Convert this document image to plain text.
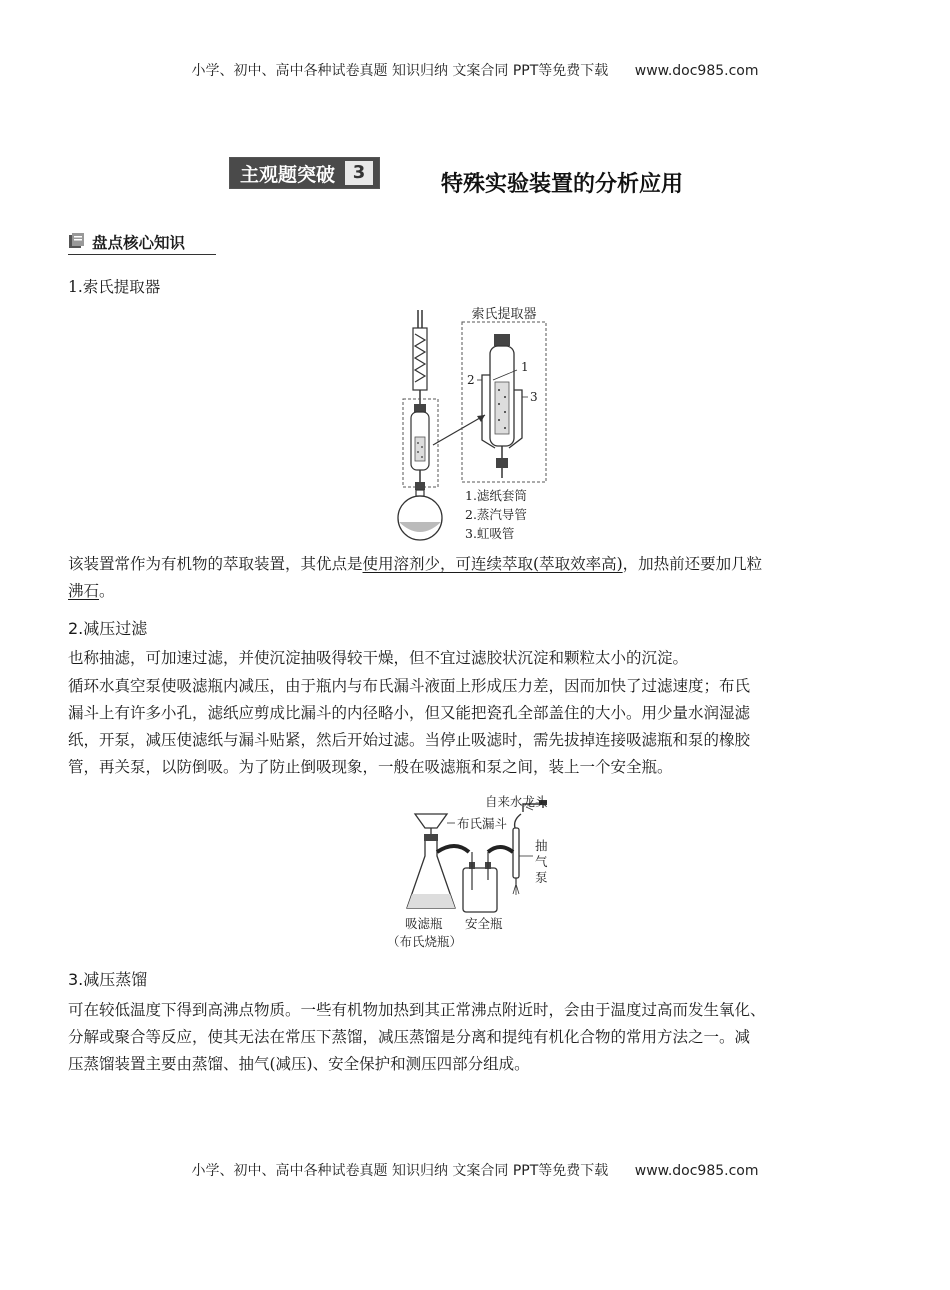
小学、初中、高中各种试卷真题 知识归纳 文案合同 PPT等免费下载 www.doc985.com
主观题突破 3	特殊实验装置的分析应用
盘点核心知识
1.索氏提取器
索氏提取器
1
2
3
1.滤纸套筒
2.蒸汽导管
3.虹吸管
该装置常作为有机物的萃取装置，其优点是使用溶剂少，可连续萃取(萃取效率高)，加热前还要加几粒
沸石。
2.减压过滤
也称抽滤，可加速过滤，并使沉淀抽吸得较干燥，但不宜过滤胶状沉淀和颗粒太小的沉淀。
循环水真空泵使吸滤瓶内减压，由于瓶内与布氏漏斗液面上形成压力差，因而加快了过滤速度；布氏
漏斗上有许多小孔，滤纸应剪成比漏斗的内径略小，但又能把瓷孔全部盖住的大小。用少量水润湿滤
纸，开泵，减压使滤纸与漏斗贴紧，然后开始过滤。当停止吸滤时，需先拔掉连接吸滤瓶和泵的橡胶
管，再关泵，以防倒吸。为了防止倒吸现象，一般在吸滤瓶和泵之间，装上一个安全瓶。
自来水龙头
抽
气
泵
布氏漏斗
吸滤瓶
（布氏烧瓶）
安全瓶
3.减压蒸馏
可在较低温度下得到高沸点物质。一些有机物加热到其正常沸点附近时，会由于温度过高而发生氧化、
分解或聚合等反应，使其无法在常压下蒸馏，减压蒸馏是分离和提纯有机化合物的常用方法之一。减
压蒸馏装置主要由蒸馏、抽气(减压)、安全保护和测压四部分组成。
小学、初中、高中各种试卷真题 知识归纳 文案合同 PPT等免费下载 www.doc985.com
